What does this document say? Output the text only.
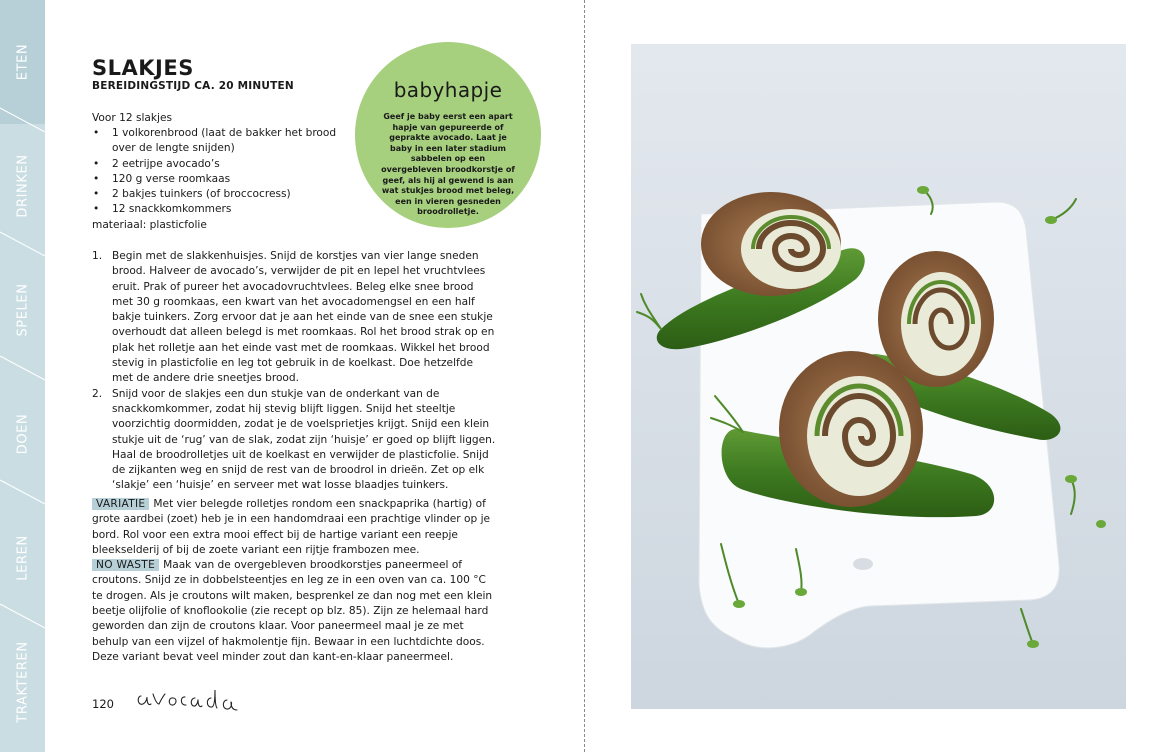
ETEN
DRINKEN
SPELEN
DOEN
LEREN
TRAKTEREN
SLAKJES
BEREIDINGSTIJD CA. 20 MINUTEN
Voor 12 slakjes
• 1 volkorenbrood (laat de bakker het brood over de lengte snijden)
• 2 eetrijpe avocado’s
• 120 g verse roomkaas
• 2 bakjes tuinkers (of broccocress)
• 12 snackkomkommers
materiaal: plasticfolie
1. Begin met de slakkenhuisjes. Snijd de korstjes van vier lange sneden brood. Halveer de avocado’s, verwijder de pit en lepel het vruchtvlees eruit. Prak of pureer het avocadovruchtvlees. Beleg elke snee brood met 30 g roomkaas, een kwart van het avocadomengsel en een half bakje tuinkers. Zorg ervoor dat je aan het einde van de snee een stukje overhoudt dat alleen belegd is met roomkaas. Rol het brood strak op en plak het rolletje aan het einde vast met de roomkaas. Wikkel het brood stevig in plasticfolie en leg tot gebruik in de koelkast. Doe hetzelfde met de andere drie sneetjes brood.
2. Snijd voor de slakjes een dun stukje van de onderkant van de snackkomkommer, zodat hij stevig blijft liggen. Snijd het steeltje voorzichtig doormidden, zodat je de voelsprietjes krijgt. Snijd een klein stukje uit de ‘rug’ van de slak, zodat zijn ‘huisje’ er goed op blijft liggen. Haal de broodrolletjes uit de koelkast en verwijder de plasticfolie. Snijd de zijkanten weg en snijd de rest van de broodrol in drieën. Zet op elk ‘slakje’ een ‘huisje’ en serveer met wat losse blaadjes tuinkers.
VARIATIE Met vier belegde rolletjes rondom een snackpaprika (hartig) of grote aardbei (zoet) heb je in een handomdraai een prachtige vlinder op je bord. Rol voor een extra mooi effect bij de hartige variant een reepje bleekselderij of bij de zoete variant een rijtje frambozen mee.
NO WASTE Maak van de overgebleven broodkorstjes paneermeel of croutons. Snijd ze in dobbelsteentjes en leg ze in een oven van ca. 100 °C te drogen. Als je croutons wilt maken, besprenkel ze dan nog met een klein beetje olijfolie of knoflookolie (zie recept op blz. 85). Zijn ze helemaal hard geworden dan zijn de croutons klaar. Voor paneermeel maal je ze met behulp van een vijzel of hakmolentje fijn. Bewaar in een luchtdichte doos. Deze variant bevat veel minder zout dan kant-en-klaar paneermeel.
babyhapje
Geef je baby eerst een apart hapje van gepureerde of geprakte avocado. Laat je baby in een later stadium sabbelen op een overgebleven broodkorstje of geef, als hij al gewend is aan wat stukjes brood met beleg, een in vieren gesneden broodrolletje.
120
